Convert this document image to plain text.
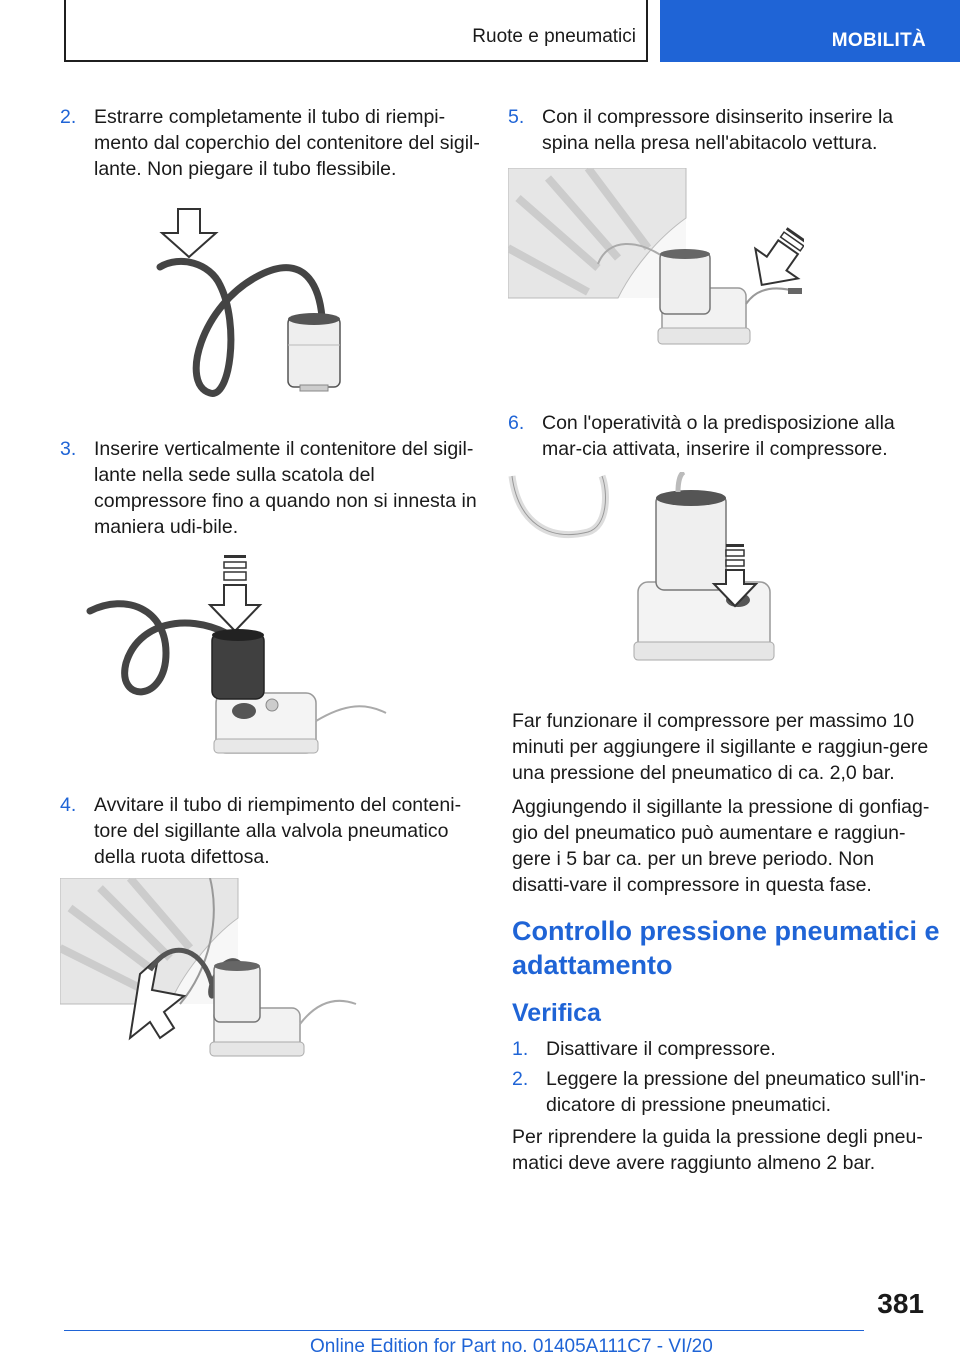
Ruote e pneumatici	MOBILITÀ
2. Estrarre completamente il tubo di riempi-mento dal coperchio del contenitore del sigil-lante. Non piegare il tubo flessibile.
3. Inserire verticalmente il contenitore del sigil-lante nella sede sulla scatola del compressore fino a quando non si innesta in maniera udi-bile.
4. Avvitare il tubo di riempimento del conteni-tore del sigillante alla valvola pneumatico della ruota difettosa.
5. Con il compressore disinserito inserire la spina nella presa nell'abitacolo vettura.
6. Con l'operatività o la predisposizione alla mar-cia attivata, inserire il compressore.
Far funzionare il compressore per massimo 10 minuti per aggiungere il sigillante e raggiun-gere una pressione del pneumatico di ca. 2,0 bar.
Aggiungendo il sigillante la pressione di gonfiag-gio del pneumatico può aumentare e raggiun-gere i 5 bar ca. per un breve periodo. Non disatti-vare il compressore in questa fase.
Controllo pressione pneumatici e adattamento
Verifica
1. Disattivare il compressore.
2. Leggere la pressione del pneumatico sull'in-dicatore di pressione pneumatici.
Per riprendere la guida la pressione degli pneu-matici deve avere raggiunto almeno 2 bar.
381
Online Edition for Part no. 01405A111C7 - VI/20
